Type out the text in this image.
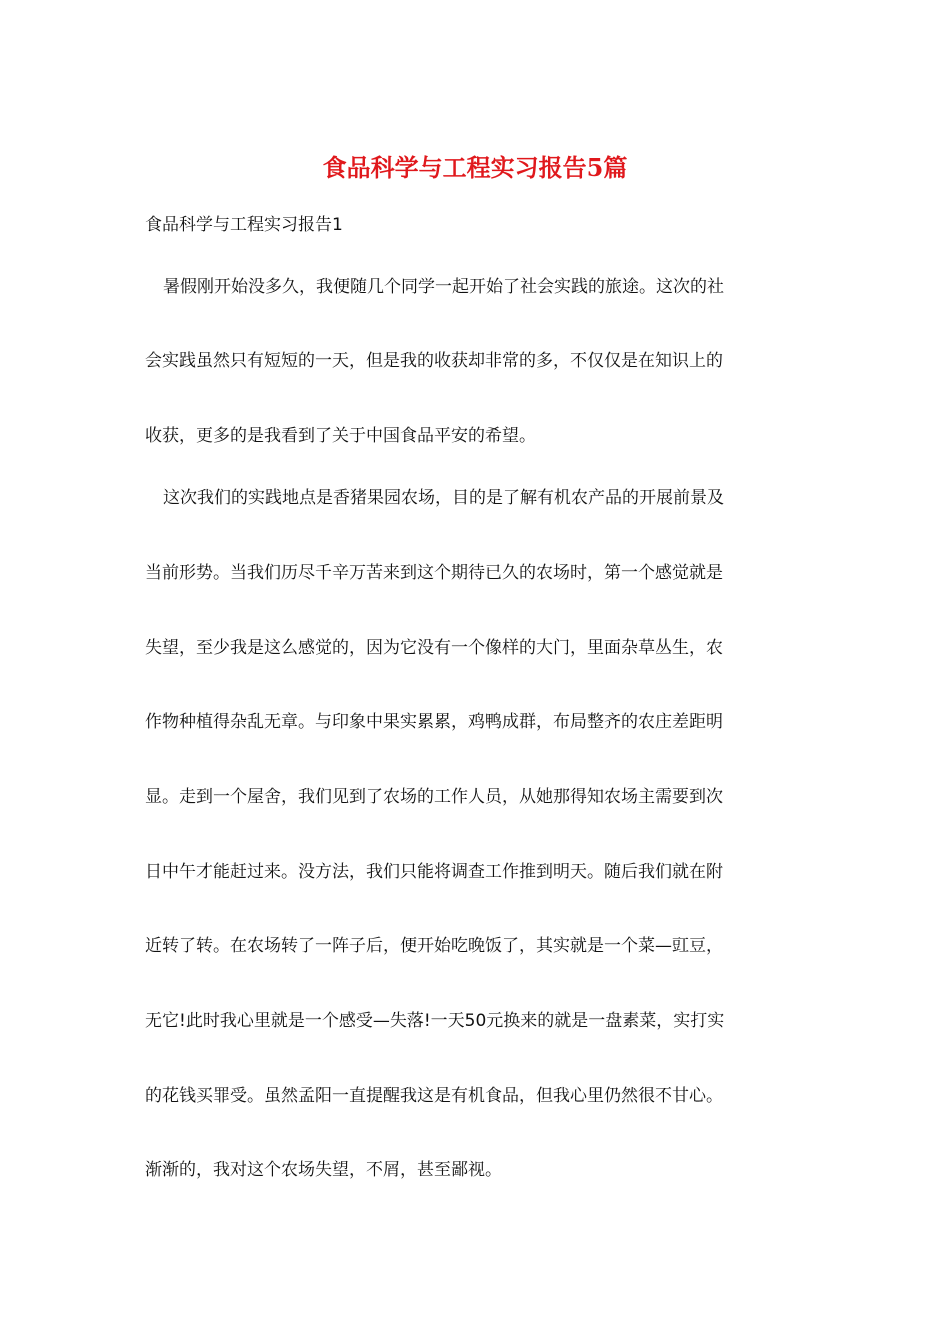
食品科学与工程实习报告5篇

食品科学与工程实习报告1

暑假刚开始没多久，我便随几个同学一起开始了社会实践的旅途。这次的社

会实践虽然只有短短的一天，但是我的收获却非常的多，不仅仅是在知识上的

收获，更多的是我看到了关于中国食品平安的希望。

这次我们的实践地点是香猪果园农场，目的是了解有机农产品的开展前景及

当前形势。当我们历尽千辛万苦来到这个期待已久的农场时，第一个感觉就是

失望，至少我是这么感觉的，因为它没有一个像样的大门，里面杂草丛生，农

作物种植得杂乱无章。与印象中果实累累，鸡鸭成群，布局整齐的农庄差距明

显。走到一个屋舍，我们见到了农场的工作人员，从她那得知农场主需要到次

日中午才能赶过来。没方法，我们只能将调查工作推到明天。随后我们就在附

近转了转。在农场转了一阵子后，便开始吃晚饭了，其实就是一个菜—豇豆，

无它!此时我心里就是一个感受—失落!一天50元换来的就是一盘素菜，实打实

的花钱买罪受。虽然孟阳一直提醒我这是有机食品，但我心里仍然很不甘心。

渐渐的，我对这个农场失望，不屑，甚至鄙视。
